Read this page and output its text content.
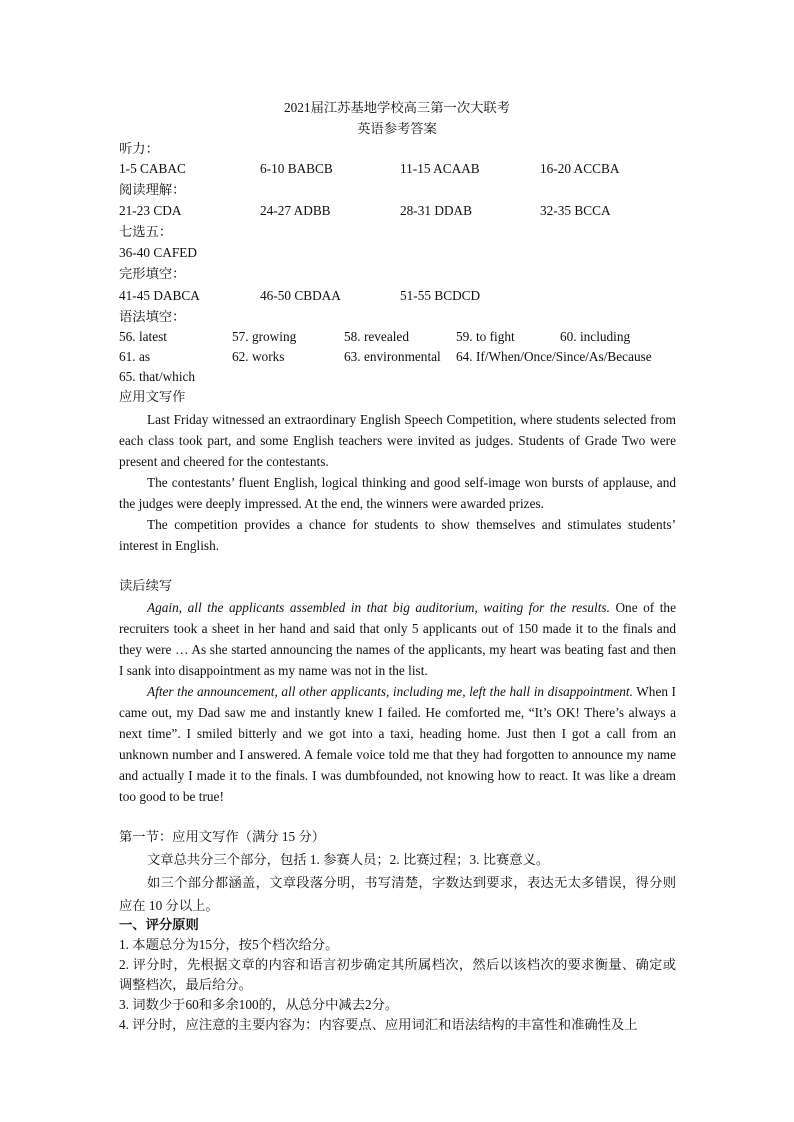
2021届江苏基地学校高三第一次大联考
英语参考答案
听力：
1-5 CABAC	6-10 BABCB	11-15 ACAAB	16-20 ACCBA
阅读理解：
21-23 CDA	24-27 ADBB	28-31 DDAB	32-35 BCCA
七选五：
36-40 CAFED
完形填空：
41-45 DABCA	46-50 CBDAA	51-55 BCDCD
语法填空：
56. latest	57. growing	58. revealed	59. to fight	60. including
61. as	62. works	63. environmental 64. If/When/Once/Since/As/Because
65. that/which
应用文写作

Last Friday witnessed an extraordinary English Speech Competition, where students selected from each class took part, and some English teachers were invited as judges. Students of Grade Two were present and cheered for the contestants.

The contestants’ fluent English, logical thinking and good self-image won bursts of applause, and the judges were deeply impressed. At the end, the winners were awarded prizes.

The competition provides a chance for students to show themselves and stimulates students’ interest in English.

读后续写

Again, all the applicants assembled in that big auditorium, waiting for the results. One of the recruiters took a sheet in her hand and said that only 5 applicants out of 150 made it to the finals and they were … As she started announcing the names of the applicants, my heart was beating fast and then I sank into disappointment as my name was not in the list.

After the announcement, all other applicants, including me, left the hall in disappointment. When I came out, my Dad saw me and instantly knew I failed. He comforted me, “It’s OK! There’s always a next time”. I smiled bitterly and we got into a taxi, heading home. Just then I got a call from an unknown number and I answered. A female voice told me that they had forgotten to announce my name and actually I made it to the finals. I was dumbfounded, not knowing how to react. It was like a dream too good to be true!

第一节：应用文写作（满分 15 分）

文章总共分三个部分，包括 1. 参赛人员；2. 比赛过程；3. 比赛意义。

如三个部分都涵盖，文章段落分明，书写清楚，字数达到要求，表达无太多错误，得分则应在 10 分以上。

一、评分原则

1. 本题总分为15分，按5个档次给分。

2. 评分时，先根据文章的内容和语言初步确定其所属档次，然后以该档次的要求衡量、确定或调整档次，最后给分。

3. 词数少于60和多余100的，从总分中减去2分。

4. 评分时，应注意的主要内容为：内容要点、应用词汇和语法结构的丰富性和准确性及上
